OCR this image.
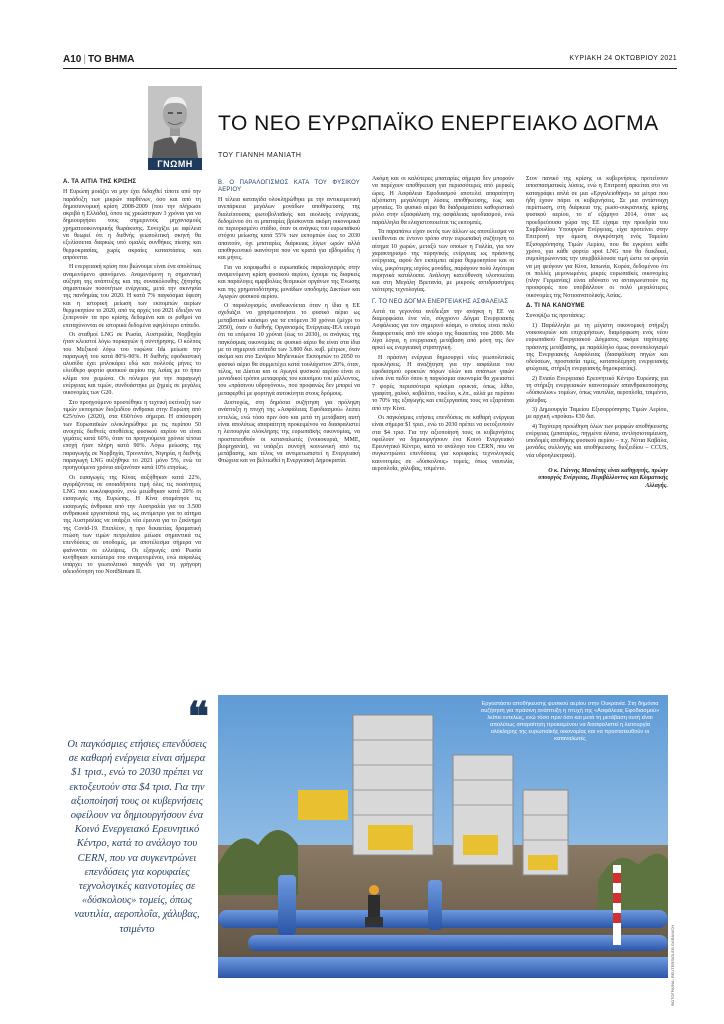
A10 | ΤΟ ΒΗΜΑ	ΚΥΡΙΑΚΗ 24 ΟΚΤΩΒΡΙΟΥ 2021
ΓΝΩΜΗ
ΤΟ ΝΕΟ ΕΥΡΩΠΑΪΚΟ ΕΝΕΡΓΕΙΑΚΟ ΔΟΓΜΑ
ΤΟΥ ΓΙΑΝΝΗ ΜΑΝΙΑΤΗ
A. ΤΑ ΑΙΤΙΑ ΤΗΣ ΚΡΙΣΗΣ

Η Ευρώπη μοιάζει να μην έχει διδαχθεί τίποτε από την παράδοξη των μικρών παρθένων, όσο και από τη δημοσιονομική κρίση 2008-2009 (που την πλήρωσε ακριβά η Ελλάδα), όπου τις χρεώστηκαν 3 χρόνια για να δημιουργήσει τους σημερινούς μηχανισμούς χρηματοοικονομικής θωράκισης. Συνεχίζει με αφέλεια να θεωρεί ότι η διεθνής γεωπολιτική σκηνή θα εξελίσσεται διαρκώς υπό ομαλές συνθήκες πίεσης και θερμοκρασίας, χωρίς ακραίες καταστάσεις και απρόοπτα.

Η ενεργειακή κρίση που βιώνουμε είναι ένα απολύτως αναμενόμενο φαινόμενο. Αναμενόμενη η σημαντική αύξηση της ανάπτυξης και της συνακόλουθης ζήτησης σημαντικών ποσοτήτων ενέργειας, μετά την ακινησία της πανδημίας του 2020. Η κατά 7% παγκόσμια ύφεση και η ιστορική μείωση των εκπομπών αερίων θερμοκηπίου το 2020, από τις αρχές του 2021 έδειξαν να ξεπερνούν τα προ κρίσης δεδομένα και οι ρυθμοί να επιταχύνονται σε ιστορικά δεδομένα υψηλότερο επίπεδο.

Οι σταθμοί LNG σε Ρωσία, Αυστραλία, Νορβηγία ήταν κλειστοί λόγω πυρκαγιών ή συντήρησης. Ο κόλπος του Μεξικού λόγω του τυφώνα Ida μείωσε την παραγωγή του κατά 80%-90%. Η διεθνής εφοδιαστική αλυσίδα έχει μπλοκάρει εδώ και πολλούς μήνες το ελεύθερο φορτίο φυσικού αερίου της Ασίας με το ήπιο κλίμα του χειμώνα. Οι πόλεμοι για την παραγωγή ενέργειας και τιμών, συνδυάστηκε με ζημιές σε μεγάλες οικονομίες των G20.

Στο προηγούμενο προστέθηκε η τεχνική εκτίναξη των τιμών εκπομπών διοξειδίου άνθρακα στην Ευρώπη από €25/τόνο (2020), στα €60/τόνο σήμερα. Η απόσυρση των Ευρωπαϊκών ολοκληρώθηκε με τις περίπου 50 ανοιχτές διεθνείς αποθέσεις φυσικού αερίου να είναι γεμάτες κατά 60%, όταν τα προηγούμενα χρόνια τέτοια εποχή ήταν πλήρη κατά 90%. Λόγω μείωσης της παραγωγής σε Νορβηγία, Τρινιντάντ, Νιγηρία, η διεθνής παραγωγή LNG αυξήθηκε το 2021 μόνο 5%, ενώ τα προηγούμενα χρόνια αυξανόταν κατά 10% ετησίως.

Οι εισαγωγές της Κίνας αυξήθηκαν κατά 22%, αγοράζοντας σε οποιαδήποτε τιμή όλες τις ποσότητες LNG που κυκλοφορούν, ενώ μειώθηκαν κατά 20% οι εισαγωγές της Ευρώπης. Η Κίνα σταμάτησε τις εισαγωγές άνθρακα από την Αυστραλία για τα 3.500 ανθρακικά εργοστάσιά της, ως αντίμετρο για το αίτημα της Αυστραλίας να υπάρξει νέα έρευνα για το ξεκίνημα της Covid-19. Επιπλέον, η προ δεκαετίας δραματική πτώση των τιμών πετρελαίου μείωσε σημαντικά τις επενδύσεις σε υποδομές, με αποτέλεσμα σήμερα να φαίνονται οι ελλείψεις. Οι εξαγωγές από Ρωσία κινήθηκαν κατώτερα του αναμενομένου, ενώ ασφαλώς υπάρχει το γεωπολιτικό παιχνίδι για τη γρήγορη αδειοδότηση του NordStream II.

B. Ο ΠΑΡΑΛΟΓΙΣΜΟΣ ΚΑΤΑ ΤΟΥ ΦΥΣΙΚΟΥ ΑΕΡΙΟΥ

Η τέλεια καταιγίδα ολοκληρώθηκε με την αντικειμενική ανεπάρκεια μεγάλων μονάδων αποθήκευσης της διαλείπουσας φωτοβολταϊκής και αιολικής ενέργειας, δεδομένου ότι οι μπαταρίες βρίσκονται ακόμη οικονομικά σε περιορισμένο στάδιο, όταν οι ανάγκες του ευρωπαϊκού στόχου μείωσης κατά 55% των εκπομπών έως το 2030 απαιτούν, όχι μπαταρίες διάρκειας λίγων ωρών αλλά αποθηκευτικό ικανότητα που να κρατά για εβδομάδες ή και μήνες.

Για να κορυφωθεί ο ευρωπαϊκός παραλογισμός στην αναμενόμενη κρίση φυσικού αερίου, έχουμε τις διαρκείς και παράλογες αμφιβολίες θεσμικών οργάνων της Ένωσης και της χρηματοδότησης μονάδων υποδομής Δικτύων και Αγωγών φυσικού αερίου.

Ο παραλογισμός αναδεικνύεται όταν η ίδια η ΕΕ σχεδιάζει να χρησιμοποιήσει το φυσικό αέριο ως μεταβατικό καύσιμο για τα επόμενα 30 χρόνια (μέχρι το 2050), όταν ο διεθνής Οργανισμός Ενέργειας-ΙΕΑ εκτιμά ότι τα επόμενα 10 χρόνια (έως το 2030), οι ανάγκες της παγκόσμιας οικονομίας σε φυσικό αέριο θα είναι στα ίδια με τα σημερινά επίπεδα των 3.800 δισ. κυβ. μέτρων, όταν ακόμα και στο Σενάριο Μηδενικών Εκπομπών το 2050 το φυσικό αέριο θα συμμετέχει κατά τουλάχιστον 20%, όταν, τέλος, τα Δίκτυα και οι Αγωγοί φυσικού αερίου είναι οι μοναδικοί τρόποι μεταφοράς του καυσίμου του μέλλοντος, του «πράσινου υδρογόνου», που προφανώς δεν μπορεί να μεταφερθεί με φορτηγά αυτοκίνητα στους δρόμους.

Δυστυχώς, στη δημόσια συζήτηση για πρόληψη ανάπτυξη η πτυχή της «Ασφάλειας Εφοδιασμού» λείπει εντελώς, ενώ τόσο πριν όσο και μετά τη μετάβαση αυτή είναι απολύτως απαραίτητη προκειμένου να διασφαλιστεί η λειτουργία ολόκληρης της ευρωπαϊκής οικονομίας, να προστατευθούν οι καταναλωτές (νοικοκυριά, ΜΜΕ, βιομηχανία), να υπάρξει συνοχή κοινωνική από τις μετάβασης, και τέλος να αντιμετωπιστεί η Ενεργειακή Φτώχεια και να βελτιωθεί η Ενεργειακή Δημοκρατία.

Ακόμη και οι καλύτερες μπαταρίες σήμερα δεν μπορούν να παρέχουν αποθήκευση για περισσότερες από μερικές ώρες. Η Ασφάλεια Εφοδιασμού αποτελεί απαραίτητη αξιόπιστη μεγαλύτερη λύσεις αποθήκευσης, έως και μηνιαίες. Το φυσικό αέριο θα διαδραματίσει καθοριστικό ρόλο στην εξασφάλιση της ασφάλειας εφοδιασμού, ενώ παράλληλα θα ελαχιστοποιείται τις εκπομπές.

Τα παραπάνω είχαν εκτός των άλλων ως αποτέλεσμα να εκτίθενται σε έντονο τρόπο στην ευρωπαϊκή συζήτηση το αίτημα 10 χωρών, μεταξύ των οποίων η Γαλλία, για τον χαρακτηρισμό της πυρηνικής ενέργειας ως πράσινης ενέργειας, αφού δεν εκπέμπει αέρια θερμοκηπίου και οι νέες, μικρότερης ισχύος μονάδες, παράγουν πολύ λιγότερα πυρηνικά κατάλοιπα. Ανάλογη κατεύθυνση υλοποιείται και στη Μεγάλη Βρετανία, με μικρούς αντιδραστήρες νεότερης τεχνολογίας.

Γ. ΤΟ ΝΕΟ ΔΟΓΜΑ ΕΝΕΡΓΕΙΑΚΗΣ ΑΣΦΑΛΕΙΑΣ

Αυτά τα γεγονότα ανέδειξαν την ανάγκη η ΕΕ να διαμορφώσει ένα νέο, σύγχρονο Δόγμα Ενεργειακής Ασφάλειας για τον σημερινό κόσμο, ο οποίος είναι πολύ διαφορετικός από τον κόσμο της δεκαετίας του 2000. Με λίγα λόγια, η ενεργειακή μετάβαση από μόνη της δεν αρκεί ως ενεργειακή στρατηγική.

Η πράσινη ενέργεια δημιουργεί νέες γεωπολιτικές προκλήσεις. Η αναζήτηση για την ασφάλεια του εφοδιασμού ορυκτών πόρων υλών και σπάνιων γαιών είναι ένα πεδίο όπου η παγκόσμια οικονομία θα χρειαστεί 7 φορές περισσότερα κρίσιμα ορυκτά, όπως λίθιο, γραφίτη, χαλκό, κοβάλτιο, νικέλιο, κ.λπ., αλλά με περίπου το 70% της εξαγωγής και επεξεργασίας τους να εξαρτάται από την Κίνα.

Οι παγκόσμιες ετήσιες επενδύσεις σε καθαρή ενέργεια είναι σήμερα $1 τρισ., ενώ το 2030 πρέπει να εκτοξευτούν στα $4 τρισ. Για την αξιοποίησή τους οι κυβερνήσεις οφείλουν να δημιουργήσουν ένα Κοινό Ενεργειακό Ερευνητικό Κέντρο, κατά το ανάλογο του CERN, που να συγκεντρώνει επενδύσεις για κορυφαίες τεχνολογικές καινοτομίες σε «δύσκολους» τομείς, όπως ναυτιλία, αεροπλοΐα, χάλυβας, τσιμέντο.

Στον πανικό της κρίσης οι κυβερνήσεις προτείνουν αποσπασματικές λύσεις, ενώ η Επιτροπή αρκείται στο να καταγράφει απλά σε μια «Εργαλειοθήκη» τα μέτρα που ήδη έχουν πάρει οι κυβερνήσεις. Σε μια αντίστοιχη περίπτωση, στη διάρκεια της ρωσο-ουκρανικής κρίσης φυσικού αερίου, το α' εξάμηνο 2014, όταν ως προεδρεύουσα χώρα της ΕΕ είχαμε την προεδρία του Συμβουλίου Υπουργών Ενέργειας, είχα προτείνει στην Επιτροπή την άμεση συγκρότηση ενός Ταμείου Εξισορρόπησης Τιμών Αερίου, που θα εγκρίνει κάθε χρόνο, για κάθε φορτίο spot LNG που θα διεκδικεί, συμπληρώνοντας την υπερβάλλουσα τιμή ώστε τα φορτία να μη φεύγουν για Κίνα, Ιαπωνία, Κορέα, δεδομένου ότι οι πολλές μεμονωμένες μικρές ευρωπαϊκές οικονομίες (πλην Γερμανίας) είναι αδύνατο να ανταγωνιστούν τις προσφορές που υποβάλλουν οι πολύ μεγαλύτερες οικονομίες της Νοτιοανατολικής Ασίας.

Δ. ΤΙ ΝΑ ΚΑΝΟΥΜΕ

Συνοψίζω τις προτάσεις:

1) Παράλληλα με τη μέγιστη οικονομική στήριξη νοικοκυριών και επιχειρήσεων, διαμόρφωση ενός νέου ευρωπαϊκού Ενεργειακού Δόγματος ακόμα ταχύτερης πράσινης μετάβασης, με παράλληλο όμως συνυπολογισμό της Ενεργειακής Ασφάλειας (διασφάλιση πηγών και οδεύσεων, προστασία τιμές, καταπολέμηση ενεργειακής φτώχειας, στήριξη ενεργειακής δημοκρατίας).

2) Ενιαίο Ενεργειακό Ερευνητικό Κέντρο Ευρώπης για τη στήριξη ενεργειακών καινοτομιών απανθρακοποίησης «δύσκολων» τομέων, όπως ναυτιλία, αεροπλοΐα, τσιμέντο, χάλυβας.

3) Δημιουργία Ταμείου Εξισορρόπησης Τιμών Αερίου, με αρχική «προίκα» €30 δισ.

4) Ταχύτερη προώθηση όλων των μορφών αποθήκευσης ενέργειας (μπαταρίες, πηγμένα άλατα, αντλησιοταμίευση, υποδομές αποθήκης φυσικού αερίου – π.χ. Νότια Καβάλα, μονάδες συλλογής και αποθήκευσης διοξειδίου – CCUS, νέα υδροηλεκτρικά).

Ο κ. Γιάννης Μανιάτης είναι καθηγητής, πρώην υπουργός Ενέργειας, Περιβάλλοντος και Κλιματικής Αλλαγής.
❝
Οι παγκόσμιες ετήσιες επενδύσεις σε καθαρή ενέργεια είναι σήμερα $1 τρισ., ενώ το 2030 πρέπει να εκτοξευτούν στα $4 τρισ. Για την αξιοποίησή τους οι κυβερνήσεις οφείλουν να δημιουργήσουν ένα Κοινό Ενεργειακό Ερευνητικό Κέντρο, κατά το ανάλογο του CERN, που να συγκεντρώνει επενδύσεις για κορυφαίες τεχνολογικές καινοτομίες σε «δύσκολους» τομείς, όπως ναυτιλία, αεροπλοΐα, χάλυβας, τσιμέντο
Εργοστάσιο αποθήκευσης φυσικού αερίου στην Ουκρανία. Στη δημόσια συζήτηση για πράσινη ανάπτυξη η πτυχή της «Ασφάλειας Εφοδιασμού» λείπει εντελώς, ενώ τόσο πριν όσο και μετά τη μετάβαση αυτή είναι απολύτως απαραίτητη προκειμένου να διασφαλιστεί η λειτουργία ολόκληρης της ευρωπαϊκής οικονομίας και να προστατευθούν οι καταναλωτές
ΦΩΤΟΓΡΑΦΙΑ: REUTERS/GLEB GARANICH
